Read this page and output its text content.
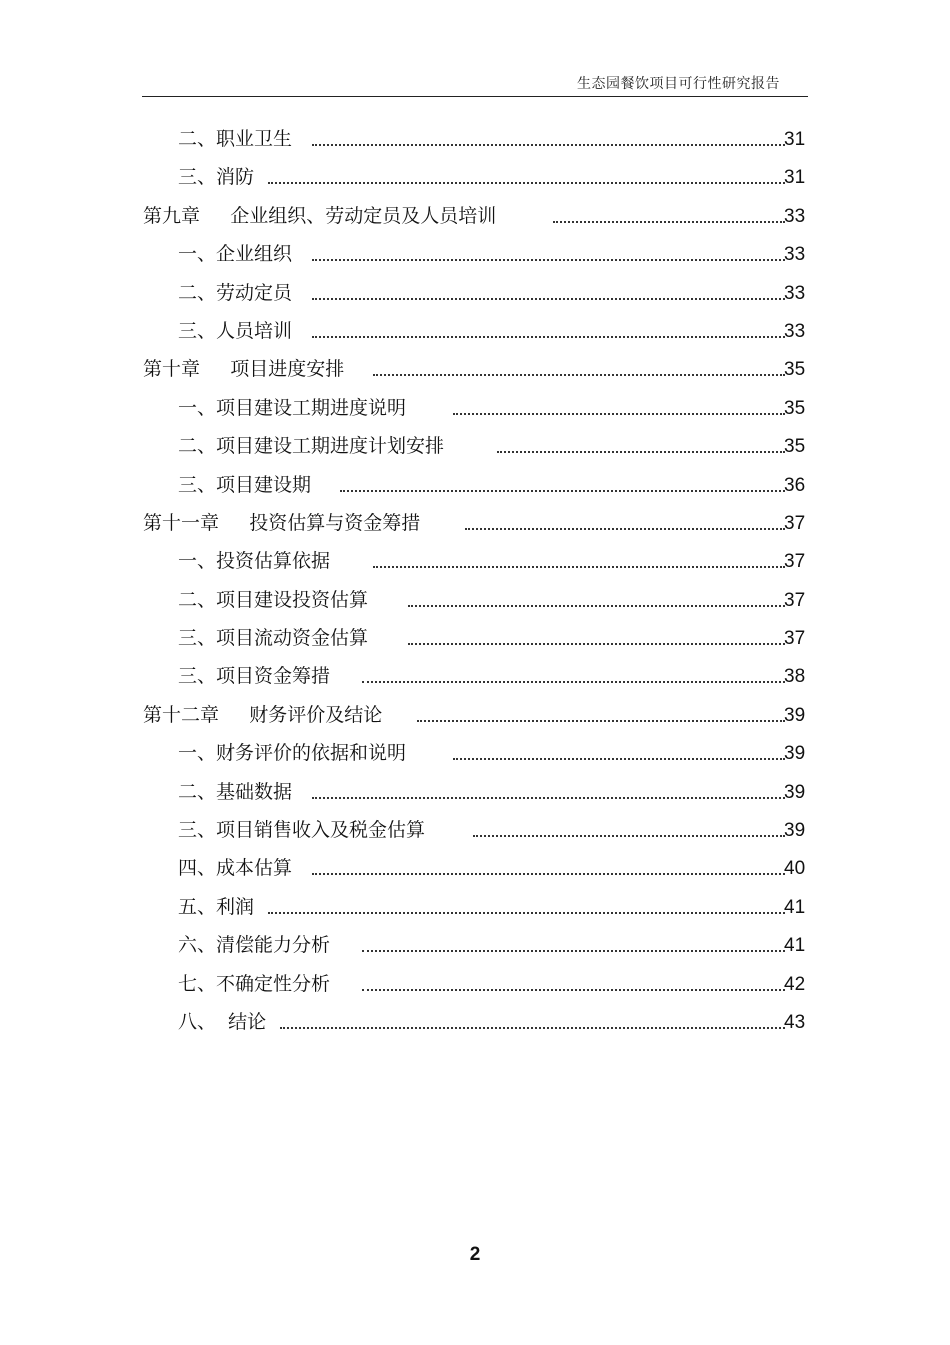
生态园餐饮项目可行性研究报告
二、职业卫生	31
三、消防	31
第九章     企业组织、劳动定员及人员培训	33
一、企业组织	33
二、劳动定员	33
三、人员培训	33
第十章     项目进度安排	35
一、项目建设工期进度说明	35
二、项目建设工期进度计划安排	35
三、项目建设期	36
第十一章     投资估算与资金筹措	37
一、投资估算依据	37
二、项目建设投资估算	37
三、项目流动资金估算	37
三、项目资金筹措	38
第十二章     财务评价及结论	39
一、财务评价的依据和说明	39
二、基础数据	39
三、项目销售收入及税金估算	39
四、成本估算	40
五、利润	41
六、清偿能力分析	41
七、不确定性分析	42
八、  结论	43
2
